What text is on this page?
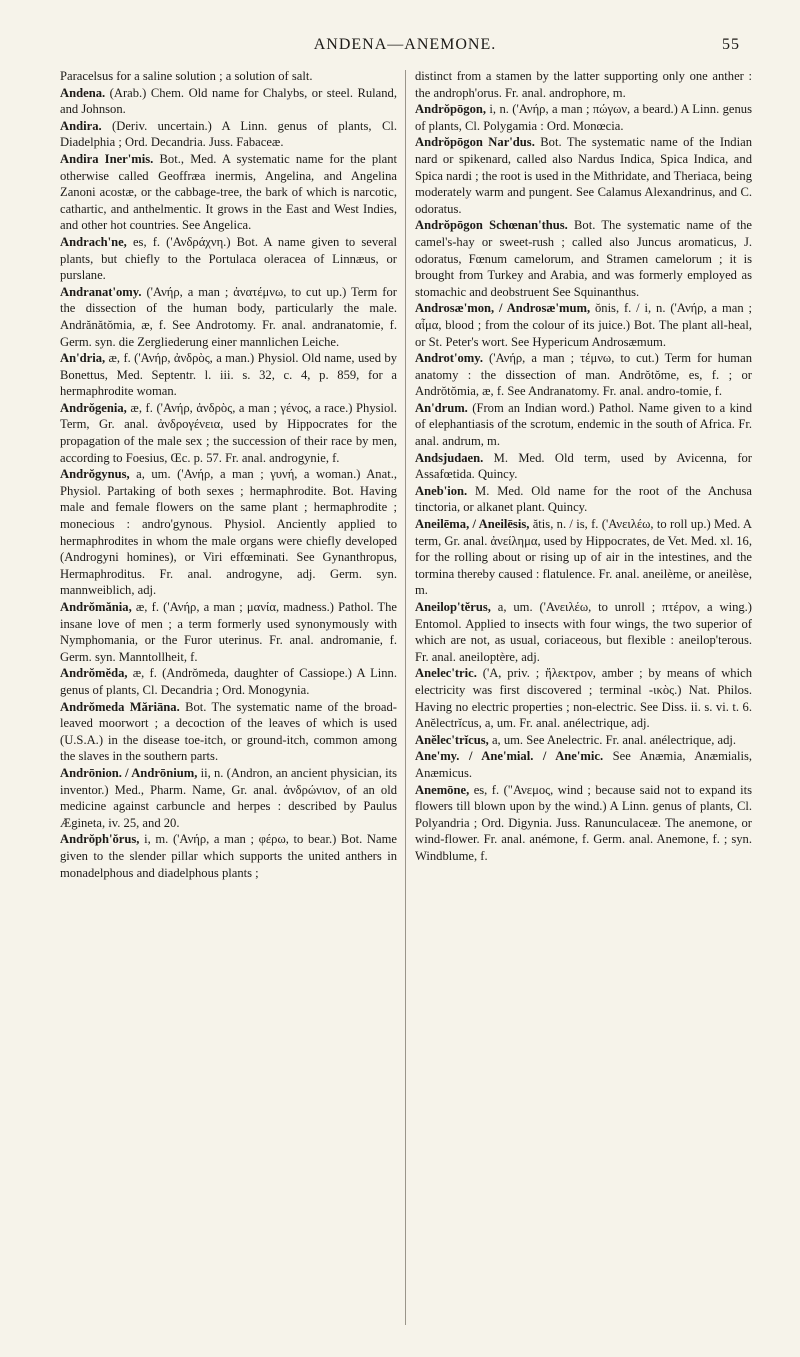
ANDENA—ANEMONE.	55

Paracelsus for a saline solution ; a solution of salt.

Andena. (Arab.) Chem. Old name for Chalybs, or steel. Ruland, and Johnson.

Andira. (Deriv. uncertain.) A Linn. genus of plants, Cl. Diadelphia ; Ord. Decandria. Juss. Fabaceæ.

Andira Iner'mis. Bot., Med. A systematic name for the plant otherwise called Geoffræa inermis, Angelina, and Angelina Zanoni acostæ, or the cabbage-tree, the bark of which is narcotic, cathartic, and anthelmentic. It grows in the East and West Indies, and other hot countries. See Angelica.

Andrach'ne, es, f. ('Ανδράχνη.) Bot. A name given to several plants, but chiefly to the Portulaca oleracea of Linnæus, or purslane.

Andranat'omy. ('Ανήρ, a man ; ἀνατέμνω, to cut up.) Term for the dissection of the human body, particularly the male. Andrănătŏmia, æ, f. See Androtomy. Fr. anal. andranatomie, f. Germ. syn. die Zergliederung einer mannlichen Leiche.

An'dria, æ, f. ('Ανήρ, ἀνδρὸς, a man.) Physiol. Old name, used by Bonettus, Med. Septentr. l. iii. s. 32, c. 4, p. 859, for a hermaphrodite woman.

Andrŏgenia, æ, f. ('Ανήρ, ἀνδρὸς, a man ; γένος, a race.) Physiol. Term, Gr. anal. ἀνδρογένεια, used by Hippocrates for the propagation of the male sex ; the succession of their race by men, according to Foesius, Œc. p. 57. Fr. anal. androgynie, f.

Andrŏgynus, a, um. ('Ανήρ, a man ; γυνή, a woman.) Anat., Physiol. Partaking of both sexes ; hermaphrodite. Bot. Having male and female flowers on the same plant ; hermaphrodite ; monecious : andro'gynous. Physiol. Anciently applied to hermaphrodites in whom the male organs were chiefly developed (Androgyni homines), or Viri effœminati. See Gynanthropus, Hermaphroditus. Fr. anal. androgyne, adj. Germ. syn. mannweiblich, adj.

Andrŏmănia, æ, f. ('Ανήρ, a man ; μανία, madness.) Pathol. The insane love of men ; a term formerly used synonymously with Nymphomania, or the Furor uterinus. Fr. anal. andromanie, f. Germ. syn. Manntollheit, f.

Andrŏmĕda, æ, f. (Andrŏmeda, daughter of Cassiope.) A Linn. genus of plants, Cl. Decandria ; Ord. Monogynia.

Andrŏmeda Măriāna. Bot. The systematic name of the broad-leaved moorwort ; a decoction of the leaves of which is used (U.S.A.) in the disease toe-itch, or ground-itch, common among the slaves in the southern parts.

Andrōnion. / Andrōnium, ii, n. (Andron, an ancient physician, its inventor.) Med., Pharm. Name, Gr. anal. ἀνδρώνιον, of an old medicine against carbuncle and herpes : described by Paulus Ægineta, iv. 25, and 20.

Andrŏph'ŏrus, i, m. ('Ανήρ, a man ; φέρω, to bear.) Bot. Name given to the slender pillar which supports the united anthers in monadelphous and diadelphous plants ;

distinct from a stamen by the latter supporting only one anther : the androph'orus. Fr. anal. androphore, m.

Andrŏpōgon, i, n. ('Ανήρ, a man ; πώγων, a beard.) A Linn. genus of plants, Cl. Polygamia : Ord. Monœcia.

Andrŏpōgon Nar'dus. Bot. The systematic name of the Indian nard or spikenard, called also Nardus Indica, Spica Indica, and Spica nardi ; the root is used in the Mithridate, and Theriaca, being moderately warm and pungent. See Calamus Alexandrinus, and C. odoratus.

Andrŏpōgon Schœnan'thus. Bot. The systematic name of the camel's-hay or sweet-rush ; called also Juncus aromaticus, J. odoratus, Fœnum camelorum, and Stramen camelorum ; it is brought from Turkey and Arabia, and was formerly employed as stomachic and deobstruent See Squinanthus.

Androsæ'mon, / Androsæ'mum, ŏnis, f. / i, n. ('Ανήρ, a man ; αἷμα, blood ; from the colour of its juice.) Bot. The plant all-heal, or St. Peter's wort. See Hypericum Androsæmum.

Androt'omy. ('Ανήρ, a man ; τέμνω, to cut.) Term for human anatomy : the dissection of man. Andrŏtŏme, es, f. ; or Andrŏtŏmia, æ, f. See Andranatomy. Fr. anal. andro-tomie, f.

An'drum. (From an Indian word.) Pathol. Name given to a kind of elephantiasis of the scrotum, endemic in the south of Africa. Fr. anal. andrum, m.

Andsjudaen. M. Med. Old term, used by Avicenna, for Assafœtida. Quincy.

Aneb'ion. M. Med. Old name for the root of the Anchusa tinctoria, or alkanet plant. Quincy.

Aneilēma, / Aneilēsis, ătis, n. / is, f. ('Ανειλέω, to roll up.) Med. A term, Gr. anal. ἀνείλημα, used by Hippocrates, de Vet. Med. xl. 16, for the rolling about or rising up of air in the intestines, and the tormina thereby caused : flatulence. Fr. anal. aneilème, or aneilèse, m.

Aneilop'tĕrus, a, um. ('Ανειλέω, to unroll ; πτέρον, a wing.) Entomol. Applied to insects with four wings, the two superior of which are not, as usual, coriaceous, but flexible : aneilop'terous. Fr. anal. aneiloptère, adj.

Anelec'tric. ('A, priv. ; ἤλεκτρον, amber ; by means of which electricity was first discovered ; terminal -ικὸς.) Nat. Philos. Having no electric properties ; non-electric. See Diss. ii. s. vi. t. 6. Anĕlectrĭcus, a, um. Fr. anal. anélectrique, adj.

Anĕlec'trĭcus, a, um. See Anelectric. Fr. anal. anélectrique, adj.

Ane'my. / Ane'mial. / Ane'mic. See Anæmia, Anæmialis, Anæmicus.

Anemōne, es, f. ("Ανεμος, wind ; because said not to expand its flowers till blown upon by the wind.) A Linn. genus of plants, Cl. Polyandria ; Ord. Digynia. Juss. Ranunculaceæ. The anemone, or wind-flower. Fr. anal. anémone, f. Germ. anal. Anemone, f. ; syn. Windblume, f.
